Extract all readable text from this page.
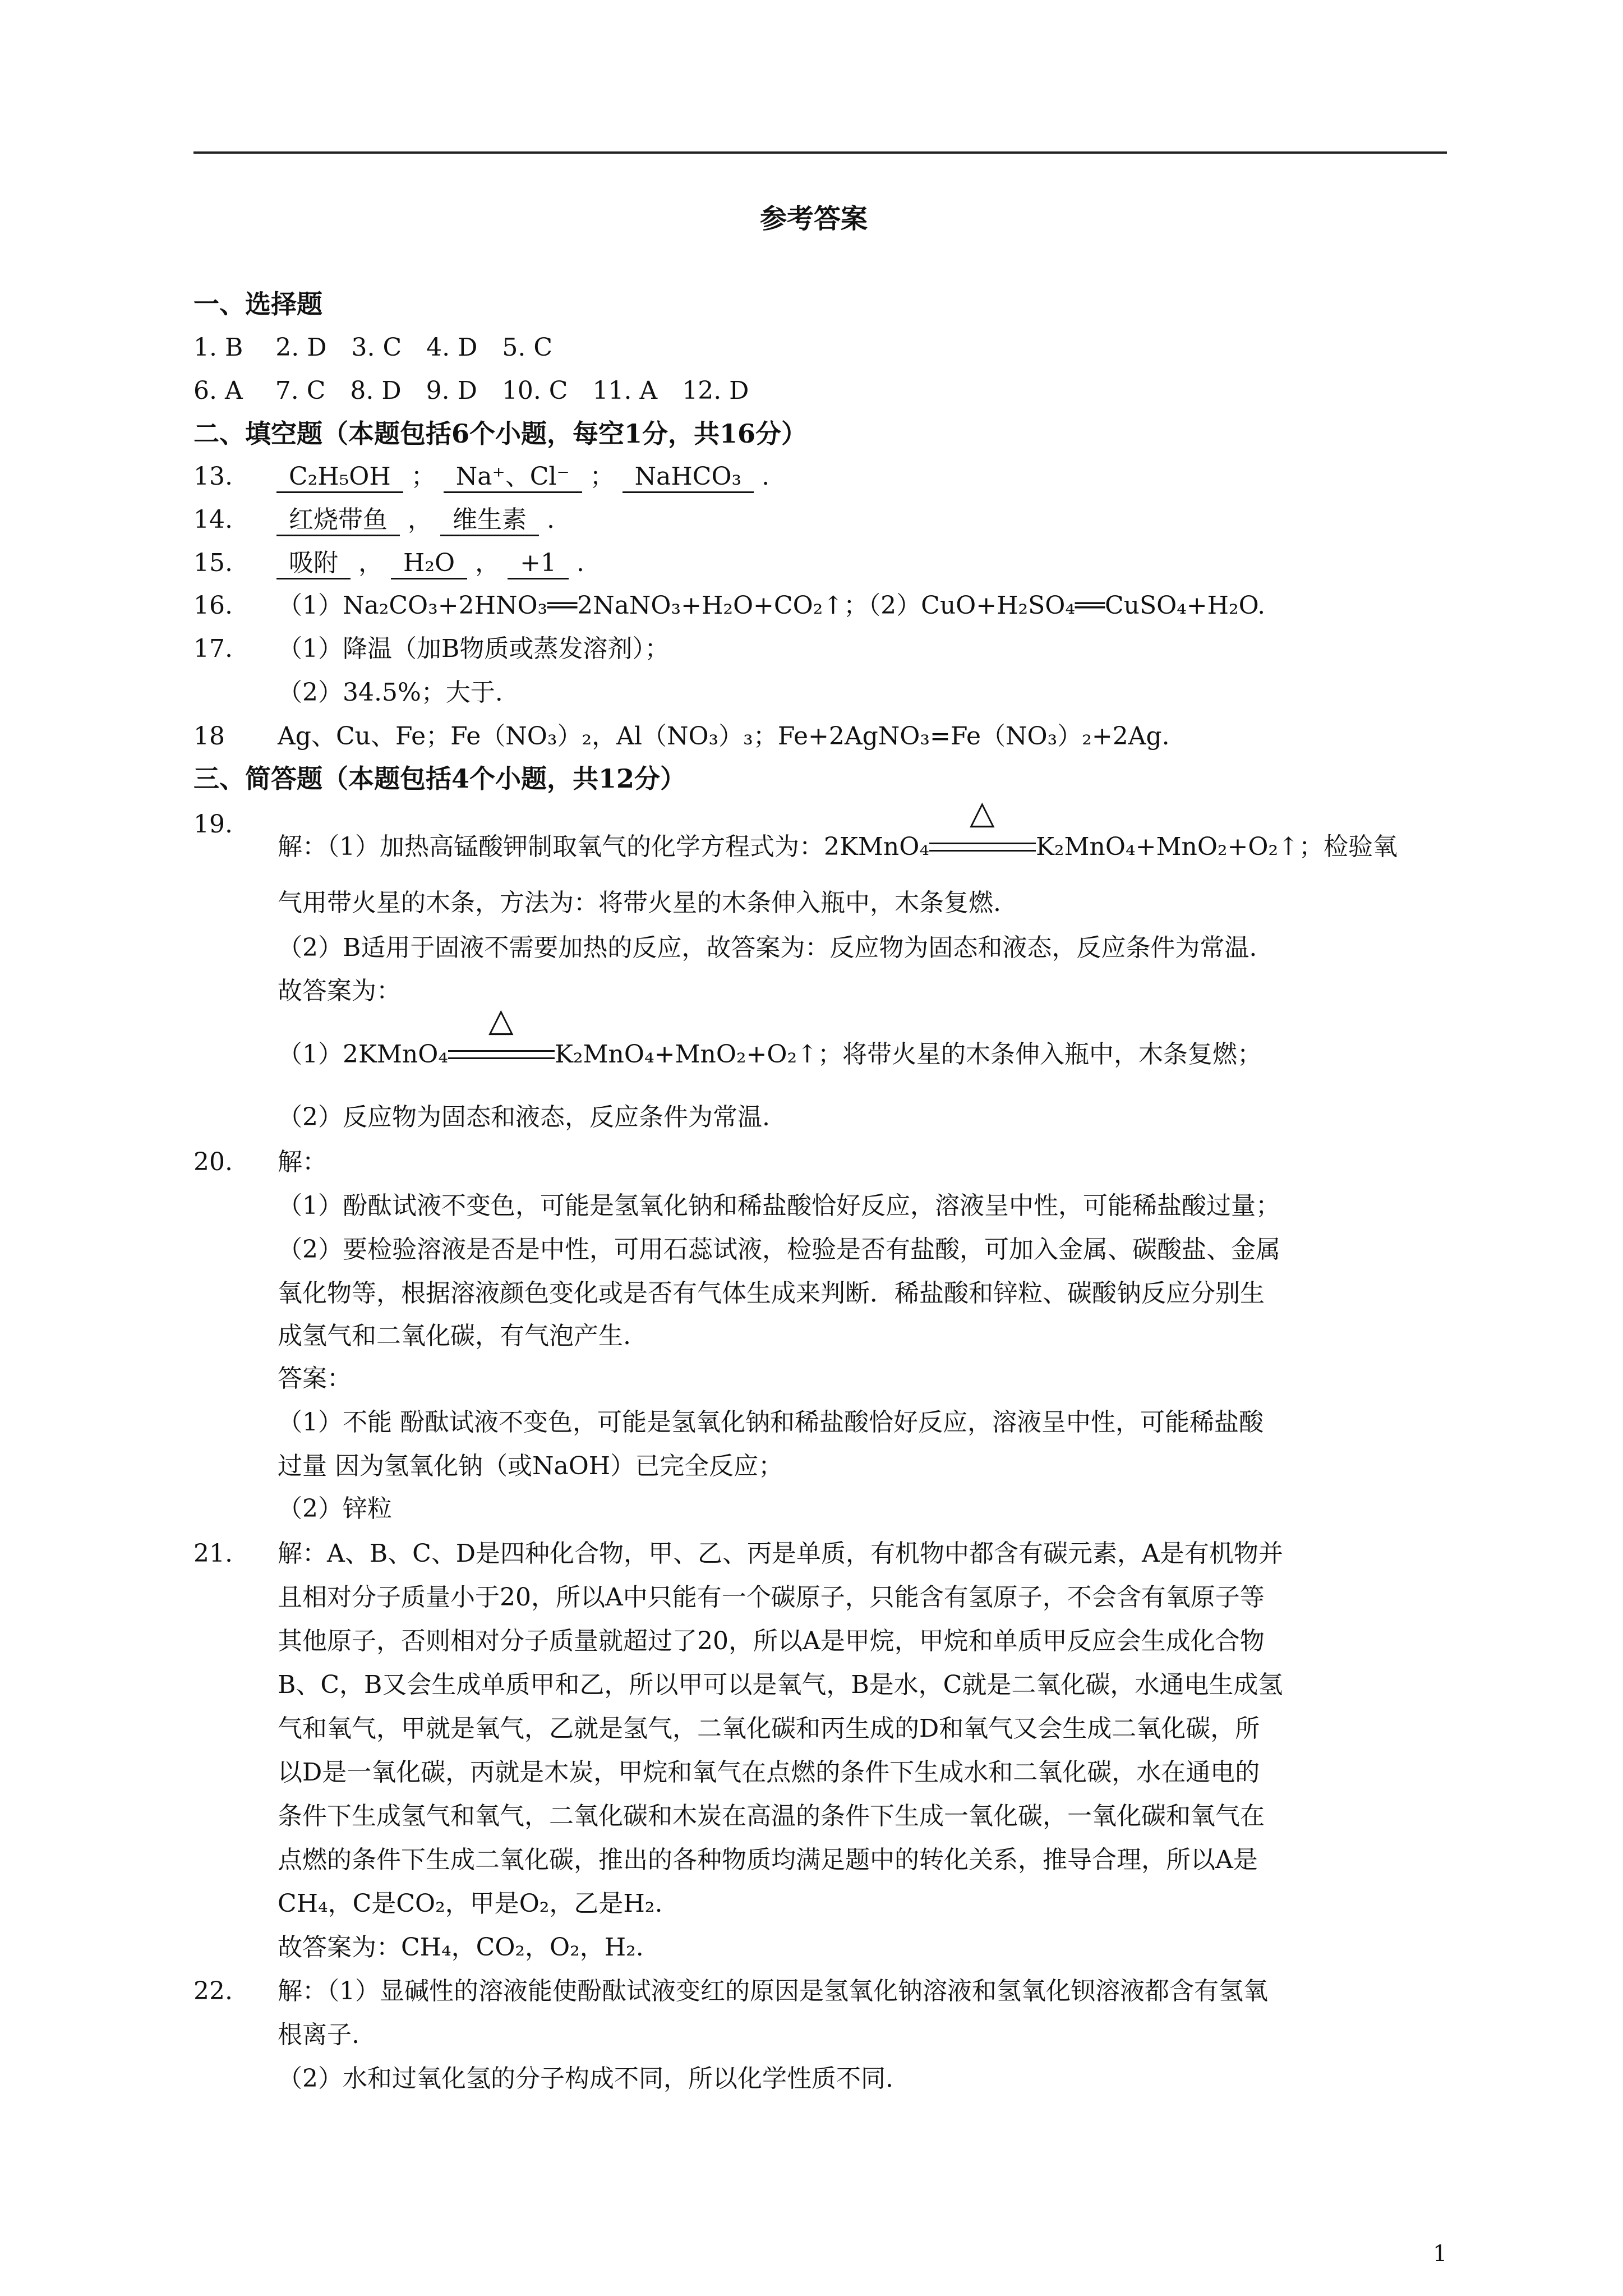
参考答案
一、选择题
1. B　 2. D　3. C　4. D　5. C
6. A　 7. C　8. D　9. D　10. C　11. A　12. D
二、填空题（本题包括6个小题，每空1分，共16分）
13. C₂H₅OH ； Na⁺、Cl⁻ ； NaHCO₃ .
14. 红烧带鱼 ， 维生素 .
15. 吸附 ， H₂O ， +1 .
16. （1）Na₂CO₃+2HNO₃══2NaNO₃+H₂O+CO₂↑；（2）CuO+H₂SO₄══CuSO₄+H₂O.
17. （1）降温（加B物质或蒸发溶剂）；
（2）34.5%；大于.
18 Ag、Cu、Fe；Fe（NO₃）₂，Al（NO₃）₃；Fe+2AgNO₃=Fe（NO₃）₂+2Ag.
三、简答题（本题包括4个小题，共12分）
19.
解：（1）加热高锰酸钾制取氧气的化学方程式为：2KMnO₄
△
K₂MnO₄+MnO₂+O₂↑；检验氧
气用带火星的木条，方法为：将带火星的木条伸入瓶中，木条复燃.
（2）B适用于固液不需要加热的反应，故答案为：反应物为固态和液态，反应条件为常温.
故答案为：
（1）2KMnO₄
△
K₂MnO₄+MnO₂+O₂↑；将带火星的木条伸入瓶中，木条复燃；
（2）反应物为固态和液态，反应条件为常温.
20. 解：
（1）酚酞试液不变色，可能是氢氧化钠和稀盐酸恰好反应，溶液呈中性，可能稀盐酸过量；
（2）要检验溶液是否是中性，可用石蕊试液，检验是否有盐酸，可加入金属、碳酸盐、金属
氧化物等，根据溶液颜色变化或是否有气体生成来判断．稀盐酸和锌粒、碳酸钠反应分别生
成氢气和二氧化碳，有气泡产生.
答案：
（1）不能 酚酞试液不变色，可能是氢氧化钠和稀盐酸恰好反应，溶液呈中性，可能稀盐酸
过量 因为氢氧化钠（或NaOH）已完全反应；
（2）锌粒
21. 解：A、B、C、D是四种化合物，甲、乙、丙是单质，有机物中都含有碳元素，A是有机物并
且相对分子质量小于20，所以A中只能有一个碳原子，只能含有氢原子，不会含有氧原子等
其他原子，否则相对分子质量就超过了20，所以A是甲烷，甲烷和单质甲反应会生成化合物
B、C，B又会生成单质甲和乙，所以甲可以是氧气，B是水，C就是二氧化碳，水通电生成氢
气和氧气，甲就是氧气，乙就是氢气，二氧化碳和丙生成的D和氧气又会生成二氧化碳，所
以D是一氧化碳，丙就是木炭，甲烷和氧气在点燃的条件下生成水和二氧化碳，水在通电的
条件下生成氢气和氧气，二氧化碳和木炭在高温的条件下生成一氧化碳，一氧化碳和氧气在
点燃的条件下生成二氧化碳，推出的各种物质均满足题中的转化关系，推导合理，所以A是
CH₄，C是CO₂，甲是O₂，乙是H₂.
故答案为：CH₄，CO₂，O₂，H₂.
22. 解：（1）显碱性的溶液能使酚酞试液变红的原因是氢氧化钠溶液和氢氧化钡溶液都含有氢氧
根离子.
（2）水和过氧化氢的分子构成不同，所以化学性质不同.
1
